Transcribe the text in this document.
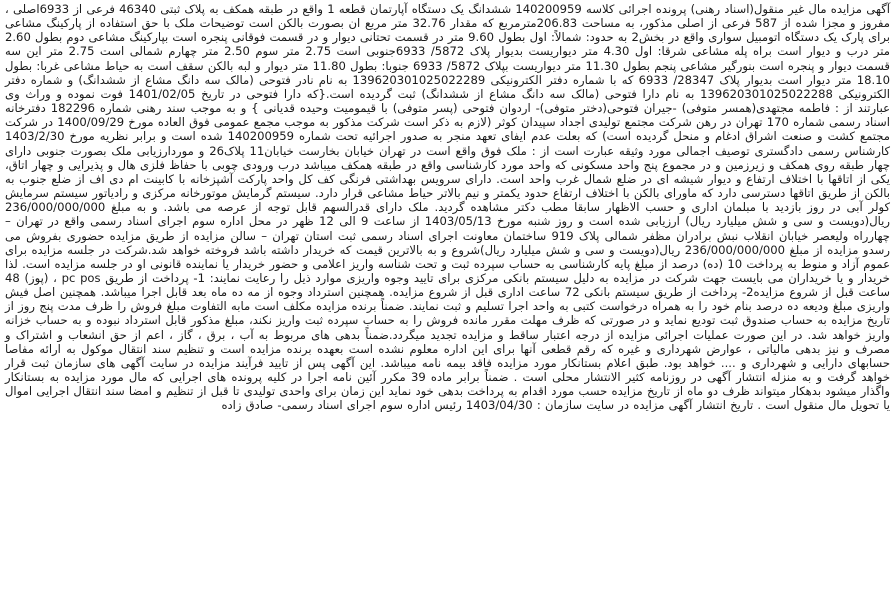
آگهی مزایده مال غیر منقول(اسناد رهنی) پرونده اجرائی کلاسه 140200959 ششدانگ یک دستگاه آپارتمان قطعه 1 واقع در طبقه همکف به پلاک ثبتی 46340 فرعی از 6933اصلی ، مفروز و مجزا شده از 587 فرعی از اصلی مذکور، به مساحت 206.83مترمربع که مقدار 32.76 متر مربع ان بصورت بالکن است توضیحات ملک با حق استفاده از پارکینگ مشاعی برای پارک یک دستگاه اتومبیل سواری واقع در بخش2 به حدود: شمالاً: اول بطول 9.60 متر در قسمت تحتانی دیوار و در قسمت فوقانی پنجره است بپارکینگ مشاعی دوم بطول 2.60 متر درب و دیوار است براه پله مشاعی شرقا: اول 4.30 متر دیواریست بدیوار پلاک 5872/ 6933جنوبی است 2.75 متر سوم 2.50 متر چهارم شمالی است 2.75 متر این سه قسمت دیوار و پنجره است بنورگیر مشاعی پنجم بطول 11.30 متر دیواریست بپلاک 5872/ 6933 جنوبا: بطول 11.80 متر دیوار و لبه بالکن سقف است به حیاط مشاعی غربا: بطول 18.10 متر دیوار است بدیوار پلاک 28347/ 6933 که با شماره دفتر الکترونیکی 139620301025022289 به نام نادر فتوحی (مالک سه دانگ مشاع از ششدانگ) و شماره دفتر الکترونیکی 139620301025022288 به نام دارا فتوحی (مالک سه دانگ مشاع از ششدانگ) ثبت گردیده است.{که دارا فتوحی در تاریخ 1401/02/05 فوت نموده و وراث وی عبارتند از : فاطمه مجتهدی(همسر متوفی) -جیران فتوحی(دختر متوفی)- اردوان فتوحی (پسر متوفی) با قیمومیت وحیده قدیانی } و به موجب سند رهنی شماره 182296 دفترخانه اسناد رسمی شماره 170 تهران در رهن شرکت مجتمع تولیدی اجداد سپیدان کوثر (لازم به ذکر است شرکت مذکور به موجب مجمع عمومی فوق العاده مورخ 1400/09/29 در شرکت مجتمع کشت و صنعت اشراق ادغام و منحل گردیده است) که بعلت عدم ایفای تعهد منجر به صدور اجرائیه تحت شماره 140200959 شده است و برابر نظریه مورخ 1403/2/30 کارشناس رسمی دادگستری توصیف اجمالی مورد وثیقه عبارت است از : ملک فوق واقع است در تهران خیابان بخارست خیابان11 پلاک26 و موردارزیابی ملک بصورت جنوبی دارای چهار طبقه روی همکف و زیرزمین و در مجموع پنج واحد مسکونی که واحد مورد کارشناسی واقع در طبقه همکف میباشد درب ورودی چوبی با حفاظ فلزی هال و پذیرایی و چهار اتاق، یکی از اتاقها با اختلاف ارتفاع و دیوار شیشه ای در ضلع شمال غرب واحد است. دارای سرویس بهداشتی فرنگی کف کل واحد پارکت آشپزخانه با کابینت ام دی اف از ضلع جنوب به بالکن از طریق اتاقها دسترسی دارد که ماورای بالکن با اختلاف ارتفاع حدود یکمتر و نیم بالاتر حیاط مشاعی قرار دارد. سیستم گرمایش موتورخانه مرکزی و رادیاتور سیستم سرمایش کولر آبی در روز بازدید با مبلمان اداری و حسب الاظهار سابقا مطب دکتر مشاهده گردید. ملک دارای قدرالسهم قابل توجه از عرصه می باشد. و به مبلغ 236/000/000/000 ریال(دویست و سی و شش میلیارد ریال) ارزیابی شده است و روز شنبه مورخ 1403/05/13 از ساعت 9 الی 12 ظهر در محل اداره سوم اجرای اسناد رسمی واقع در تهران – چهارراه ولیعصر خیابان انقلاب نبش برادران مظفر شمالی پلاک 919 ساختمان معاونت اجرای اسناد رسمی ثبت استان تهران – سالن مزایده از طریق مزایده حضوری بفروش می رسدو مزایده از مبلغ 236/000/000/000 ریال(دویست و سی و شش میلیارد ریال)شروع و به بالاترین قیمت که خریدار داشته باشد فروخته خواهد شد.شرکت در جلسه مزایده برای عموم آزاد و منوط به پرداخت 10 (ده) درصد از مبلغ پایه کارشناسی به حساب سپرده ثبت و تحت شناسه واریز اعلامی و حضور خریدار یا نماینده قانونی او در جلسه مزایده است. لذا خریدار و یا خریداران می بایست جهت شرکت در مزایده به دلیل سیستم بانکی مرکزی برای تایید وجوه واریزی موارد ذیل را رعایت نمایند: 1- پرداخت از طریق pc pos ، (پوز) 48 ساعت قبل از شروع مزایده2- پرداخت از طریق سیستم بانکی 72 ساعت اداری قبل از شروع مزایده. همچنین استرداد وجوه از مه ده ماه بعد قابل اجرا میباشد. همچنین اصل فیش واریزی مبلغ ودیعه ده درصد بنام خود را به همراه درخواست کتبی به واحد اجرا تسلیم و ثبت نمایند. ضمناً برنده مزایده مکلف است مابه التفاوت مبلغ فروش را ظرف مدت پنج روز از تاریخ مزایده به حساب صندوق ثبت تودیع نماید و در صورتی که ظرف مهلت مقرر مانده فروش را به حساب سپرده ثبت واریز نکند، مبلغ مذکور قابل استرداد نبوده و به حساب خزانه واریز خواهد شد. در این صورت عملیات اجرائی مزایده از درجه اعتبار ساقط و مزایده تجدید میگردد.ضمناً بدهی های مربوط به آب ، برق ، گاز ، اعم از حق انشعاب و اشتراک و مصرف و نیز بدهی مالیاتی ، عوارض شهرداری و غیره که رقم قطعی آنها برای این اداره معلوم نشده است بعهده برنده مزایده است و تنظیم سند انتقال موکول به ارائه مفاصا حسابهای دارایی و شهرداری و .... خواهد بود. طبق اعلام بستانکار مورد مزایده فاقد بیمه نامه میباشد. این آگهی پس از تایید فرآیند مزایده در سایت آگهی های سازمان ثبت قرار خواهد گرفت و به منزله انتشار آگهی در روزنامه کثیر الانتشار محلی است . ضمناً برابر ماده 39 مکرر آئین نامه اجرا در کلیه پرونده های اجرایی که مال مورد مزایده به بستانکار واگذار میشود بدهکار میتواند ظرف دو ماه از تاریخ مزایده حسب مورد اقدام به پرداخت بدهی خود نماید این زمان برای واحدی تولیدی تا قبل از تنظیم و امضا سند انتقال اجرایی اموال یا تحویل مال منقول است . تاریخ انتشار آگهی مزایده در سایت سازمان : 1403/04/30 رئیس اداره سوم اجرای اسناد رسمی- صادق زاده
